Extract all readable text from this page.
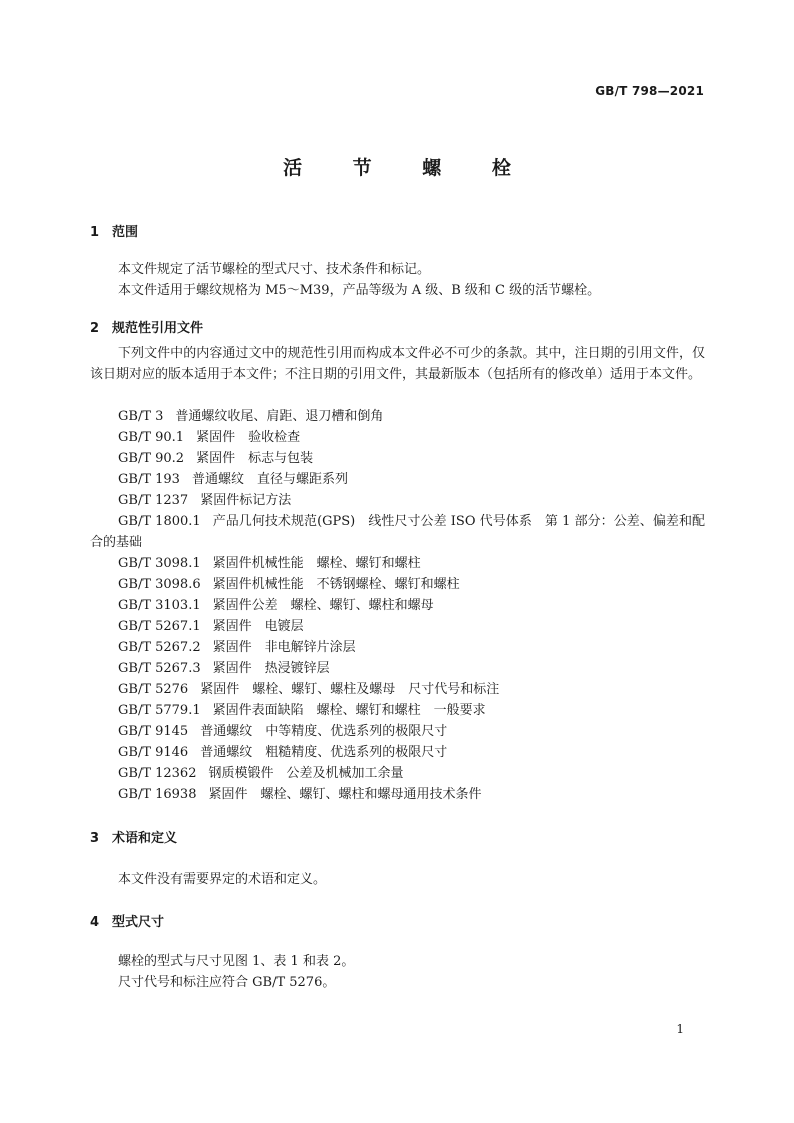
GB/T 798—2021
活 节 螺 栓
1 范围
本文件规定了活节螺栓的型式尺寸、技术条件和标记。
本文件适用于螺纹规格为 M5～M39，产品等级为 A 级、B 级和 C 级的活节螺栓。
2 规范性引用文件
下列文件中的内容通过文中的规范性引用而构成本文件必不可少的条款。其中，注日期的引用文件，仅该日期对应的版本适用于本文件；不注日期的引用文件，其最新版本（包括所有的修改单）适用于本文件。
GB/T 3 普通螺纹收尾、肩距、退刀槽和倒角
GB/T 90.1 紧固件　验收检查
GB/T 90.2 紧固件　标志与包装
GB/T 193 普通螺纹　直径与螺距系列
GB/T 1237 紧固件标记方法
GB/T 1800.1 产品几何技术规范(GPS)　线性尺寸公差 ISO 代号体系　第 1 部分：公差、偏差和配合的基础
GB/T 3098.1 紧固件机械性能　螺栓、螺钉和螺柱
GB/T 3098.6 紧固件机械性能　不锈钢螺栓、螺钉和螺柱
GB/T 3103.1 紧固件公差　螺栓、螺钉、螺柱和螺母
GB/T 5267.1 紧固件　电镀层
GB/T 5267.2 紧固件　非电解锌片涂层
GB/T 5267.3 紧固件　热浸镀锌层
GB/T 5276 紧固件　螺栓、螺钉、螺柱及螺母　尺寸代号和标注
GB/T 5779.1 紧固件表面缺陷　螺栓、螺钉和螺柱　一般要求
GB/T 9145 普通螺纹　中等精度、优选系列的极限尺寸
GB/T 9146 普通螺纹　粗糙精度、优选系列的极限尺寸
GB/T 12362 钢质模锻件　公差及机械加工余量
GB/T 16938 紧固件　螺栓、螺钉、螺柱和螺母通用技术条件
3 术语和定义
本文件没有需要界定的术语和定义。
4 型式尺寸
螺栓的型式与尺寸见图 1、表 1 和表 2。
尺寸代号和标注应符合 GB/T 5276。
1
